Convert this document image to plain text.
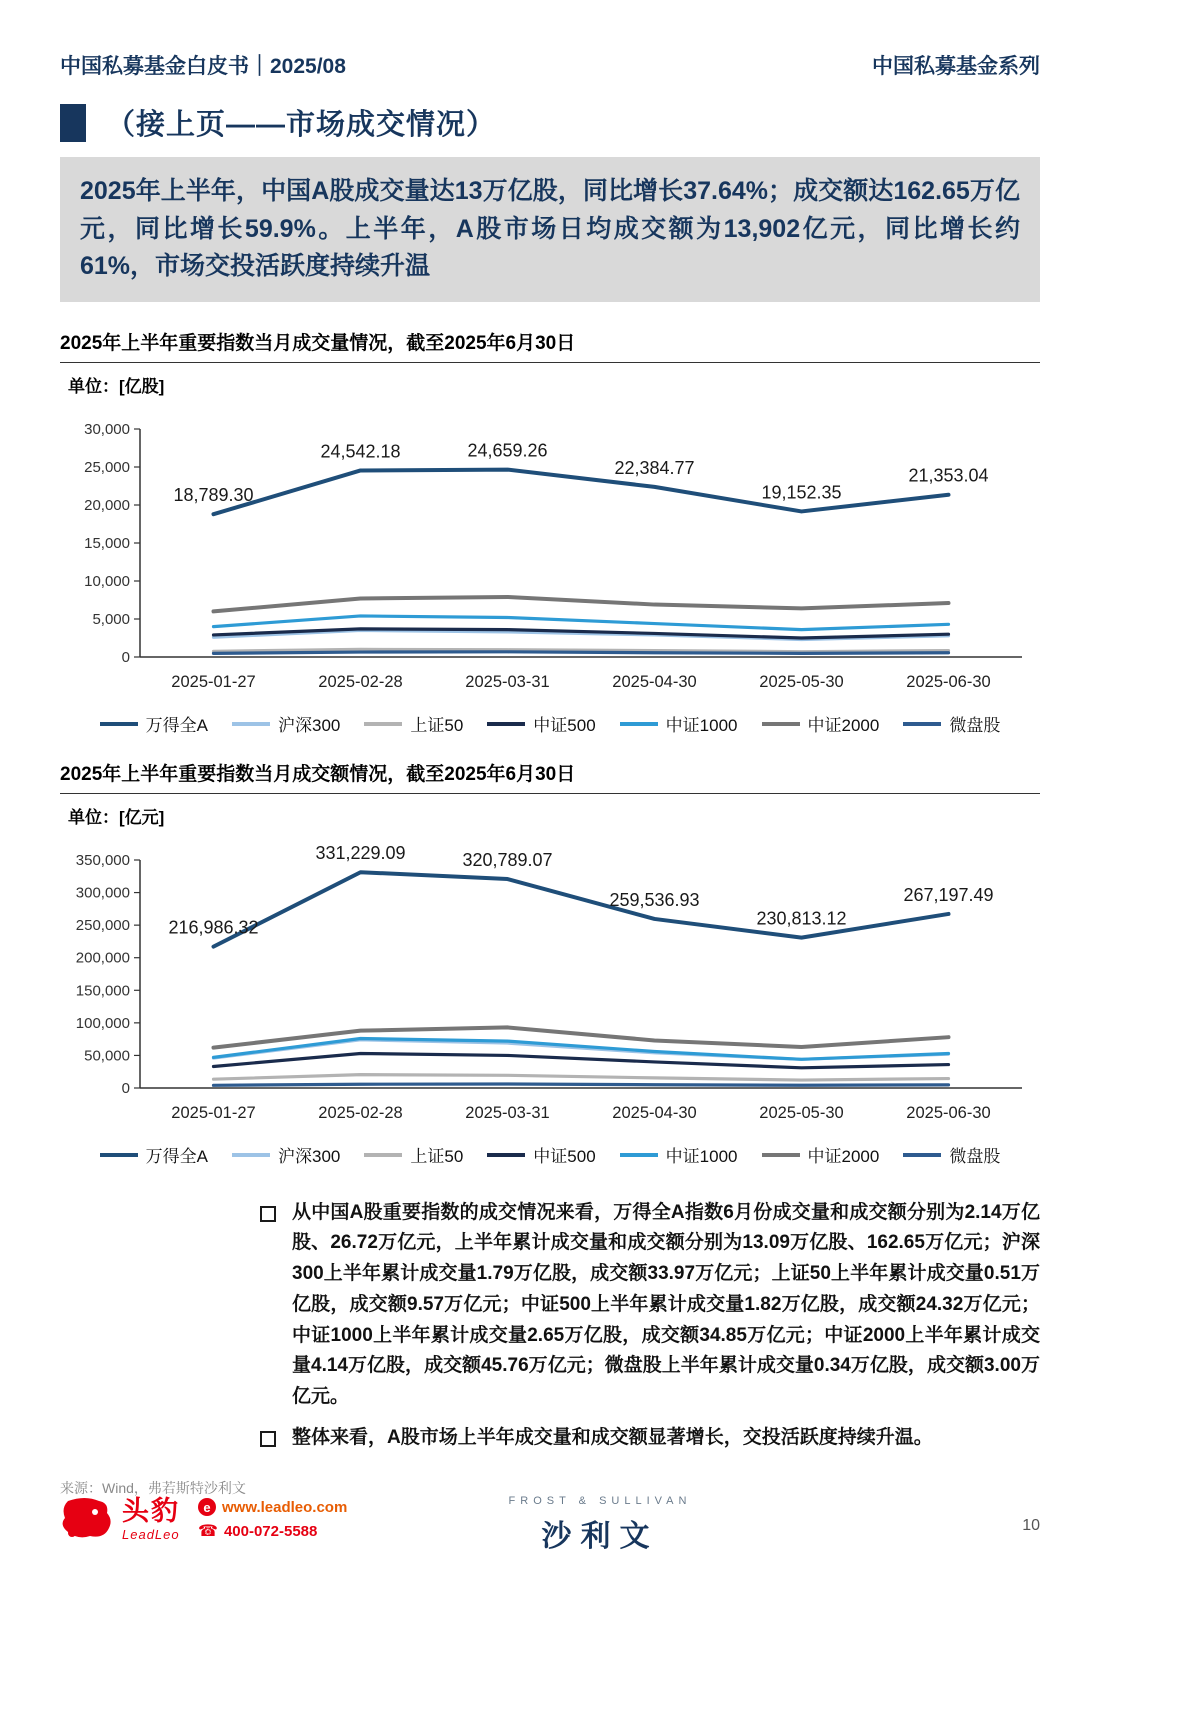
中国私募基金白皮书｜2025/08	中国私募基金系列
（接上页——市场成交情况）
2025年上半年，中国A股成交量达13万亿股，同比增长37.64%；成交额达162.65万亿元，同比增长59.9%。上半年，A股市场日均成交额为13,902亿元，同比增长约61%，市场交投活跃度持续升温
2025年上半年重要指数当月成交量情况，截至2025年6月30日
单位：[亿股]
0
5,000
10,000
15,000
20,000
25,000
30,000
2025-01-27	2025-02-28	2025-03-31	2025-04-30	2025-05-30	2025-06-30
18,789.30
24,542.18	24,659.26
22,384.77
19,152.35
21,353.04
万得全A	沪深300	上证50	中证500	中证1000	中证2000	微盘股
2025年上半年重要指数当月成交额情况，截至2025年6月30日
单位：[亿元]
0
50,000
100,000
150,000
200,000
250,000
300,000
350,000
2025-01-27	2025-02-28	2025-03-31	2025-04-30	2025-05-30	2025-06-30
216,986.32
331,229.09	320,789.07
259,536.93
230,813.12
267,197.49
万得全A	沪深300	上证50	中证500	中证1000	中证2000	微盘股
从中国A股重要指数的成交情况来看，万得全A指数6月份成交量和成交额分别为2.14万亿股、26.72万亿元，上半年累计成交量和成交额分别为13.09万亿股、162.65万亿元；沪深300上半年累计成交量1.79万亿股，成交额33.97万亿元；上证50上半年累计成交量0.51万亿股，成交额9.57万亿元；中证500上半年累计成交量1.82万亿股，成交额24.32万亿元；中证1000上半年累计成交量2.65万亿股，成交额34.85万亿元；中证2000上半年累计成交量4.14万亿股，成交额45.76万亿元；微盘股上半年累计成交量0.34万亿股，成交额3.00万亿元。
整体来看，A股市场上半年成交量和成交额显著增长，交投活跃度持续升温。
来源：Wind，弗若斯特沙利文
头豹
LeadLeo
e www.leadleo.com
☎ 400-072-5588
FROST & SULLIVAN
沙利文	10
